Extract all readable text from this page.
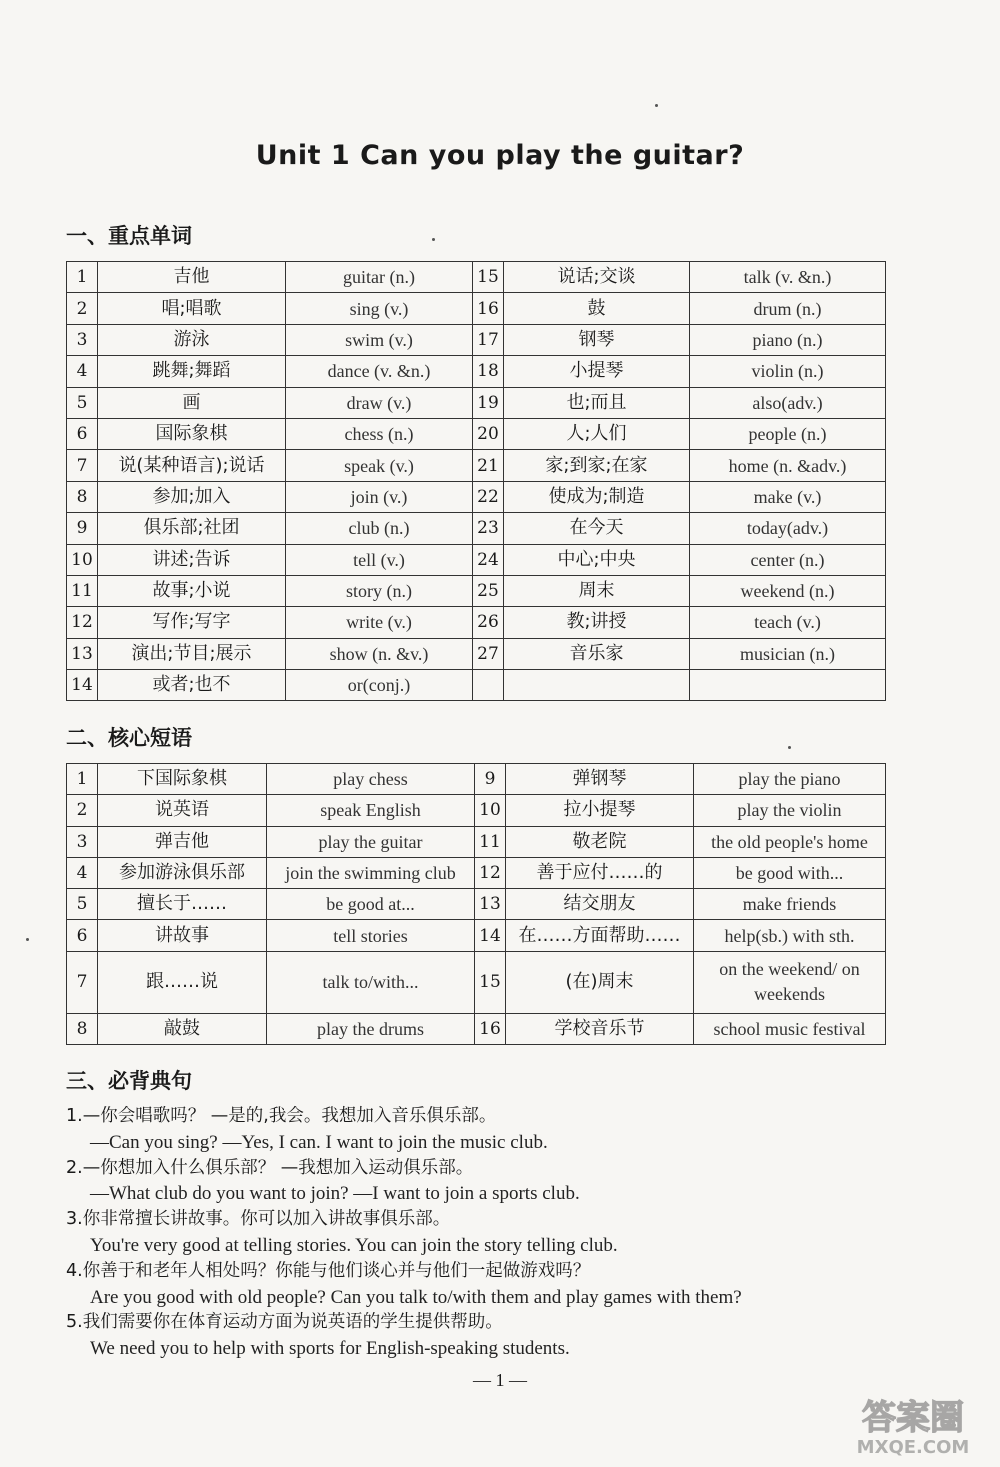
Unit 1 Can you play the guitar?
一、重点单词
1	吉他	guitar (n.)	15	说话;交谈	talk (v. &n.)
2	唱;唱歌	sing (v.)	16	鼓	drum (n.)
3	游泳	swim (v.)	17	钢琴	piano (n.)
4	跳舞;舞蹈	dance (v. &n.)	18	小提琴	violin (n.)
5	画	draw (v.)	19	也;而且	also(adv.)
6	国际象棋	chess (n.)	20	人;人们	people (n.)
7	说(某种语言);说话	speak (v.)	21	家;到家;在家	home (n. &adv.)
8	参加;加入	join (v.)	22	使成为;制造	make (v.)
9	俱乐部;社团	club (n.)	23	在今天	today(adv.)
10	讲述;告诉	tell (v.)	24	中心;中央	center (n.)
11	故事;小说	story (n.)	25	周末	weekend (n.)
12	写作;写字	write (v.)	26	教;讲授	teach (v.)
13	演出;节目;展示	show (n. &v.)	27	音乐家	musician (n.)
14	或者;也不	or(conj.)			
二、核心短语
1	下国际象棋	play chess	9	弹钢琴	play the piano
2	说英语	speak English	10	拉小提琴	play the violin
3	弹吉他	play the guitar	11	敬老院	the old people's home
4	参加游泳俱乐部	join the swimming club	12	善于应付……的	be good with...
5	擅长于……	be good at...	13	结交朋友	make friends
6	讲故事	tell stories	14	在……方面帮助……	help(sb.) with sth.
7	跟……说	talk to/with...	15	(在)周末	on the weekend/ on weekends
8	敲鼓	play the drums	16	学校音乐节	school music festival
三、必背典句
1.—你会唱歌吗？ —是的,我会。我想加入音乐俱乐部。
—Can you sing? —Yes, I can. I want to join the music club.
2.—你想加入什么俱乐部？ —我想加入运动俱乐部。
—What club do you want to join? —I want to join a sports club.
3.你非常擅长讲故事。你可以加入讲故事俱乐部。
You're very good at telling stories. You can join the story telling club.
4.你善于和老年人相处吗？你能与他们谈心并与他们一起做游戏吗？
Are you good with old people? Can you talk to/with them and play games with them?
5.我们需要你在体育运动方面为说英语的学生提供帮助。
We need you to help with sports for English-speaking students.
— 1 —
答案圈
MXQE.COM
